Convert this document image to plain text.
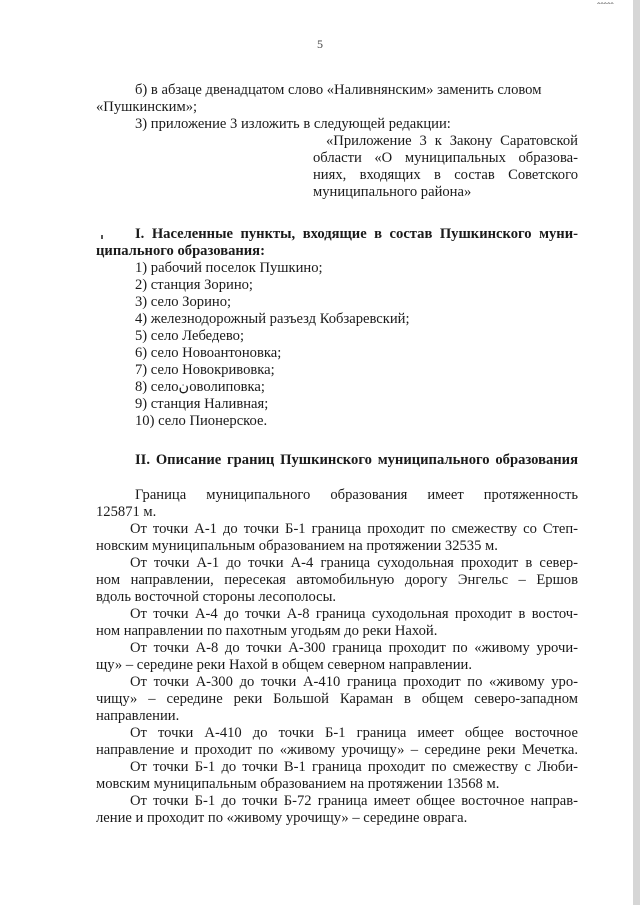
ˆˆˆˆˆ
5
б) в абзаце двенадцатом слово «Наливнянским» заменить словом
«Пушкинским»;
3) приложение 3 изложить в следующей редакции:
«Приложение 3 к Закону Саратовской
области «О муниципальных образова-
ниях, входящих в состав Советского
муниципального района»
I. Населенные пункты, входящие в состав Пушкинского муни-
ципального образования:
1) рабочий поселок Пушкино;
2) станция Зорино;
3) село Зорино;
4) железнодорожный разъезд Кобзаревский;
5) село Лебедево;
6) село Новоантоновка;
7) село Новокривовка;
8) селоنоволиповка;
9) станция Наливная;
10) село Пионерское.
II. Описание границ Пушкинского муниципального образования
Граница муниципального образования имеет протяженность
125871 м.
От точки А-1 до точки Б-1 граница проходит по смежеству со Степ-
новским муниципальным образованием на протяжении 32535 м.
От точки А-1 до точки А-4 граница суходольная проходит в север-
ном направлении, пересекая автомобильную дорогу Энгельс – Ершов
вдоль восточной стороны лесополосы.
От точки А-4 до точки А-8 граница суходольная проходит в восточ-
ном направлении по пахотным угодьям до реки Нахой.
От точки А-8 до точки А-300 граница проходит по «живому урочи-
щу» – середине реки Нахой в общем северном направлении.
От точки А-300 до точки А-410 граница проходит по «живому уро-
чищу» – середине реки Большой Караман в общем северо-западном
направлении.
От точки А-410 до точки Б-1 граница имеет общее восточное
направление и проходит по «живому урочищу» – середине реки Мечетка.
От точки Б-1 до точки В-1 граница проходит по смежеству с Люби-
мовским муниципальным образованием на протяжении 13568 м.
От точки Б-1 до точки Б-72 граница имеет общее восточное направ-
ление и проходит по «живому урочищу» – середине оврага.
